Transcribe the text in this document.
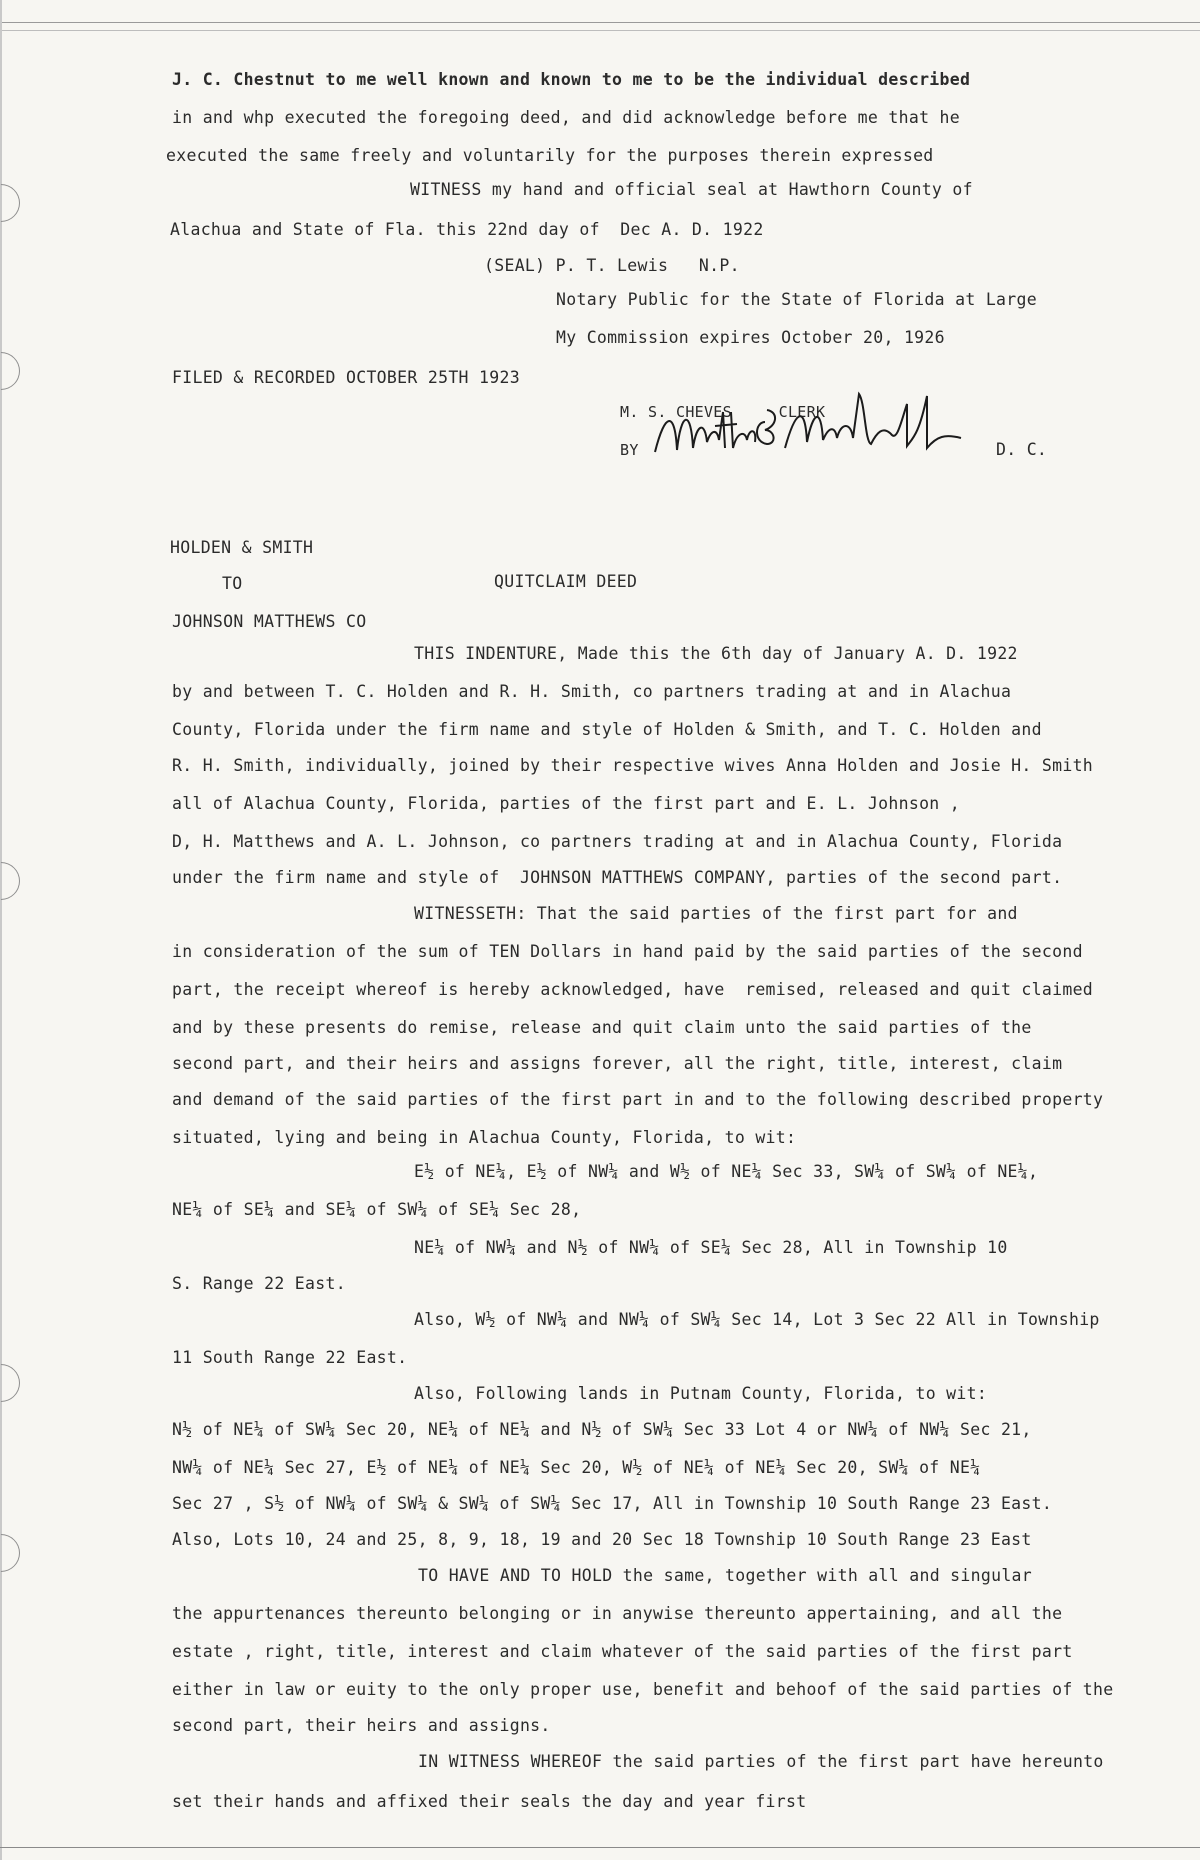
J. C. Chestnut to me well known and known to me to be the individual described
in and whp executed the foregoing deed, and did acknowledge before me that he
executed the same freely and voluntarily for the purposes therein expressed
WITNESS my hand and official seal at Hawthorn County of
Alachua and State of Fla. this 22nd day of  Dec A. D. 1922
(SEAL) P. T. Lewis   N.P.
Notary Public for the State of Florida at Large
My Commission expires October 20, 1926
FILED & RECORDED OCTOBER 25TH 1923
M. S. CHEVES     CLERK
BY	D. C.
HOLDEN & SMITH
TO	QUITCLAIM DEED
JOHNSON MATTHEWS CO
THIS INDENTURE, Made this the 6th day of January A. D. 1922
by and between T. C. Holden and R. H. Smith, co partners trading at and in Alachua
County, Florida under the firm name and style of Holden & Smith, and T. C. Holden and
R. H. Smith, individually, joined by their respective wives Anna Holden and Josie H. Smith
all of Alachua County, Florida, parties of the first part and E. L. Johnson ,
D, H. Matthews and A. L. Johnson, co partners trading at and in Alachua County, Florida
under the firm name and style of  JOHNSON MATTHEWS COMPANY, parties of the second part.
WITNESSETH: That the said parties of the first part for and
in consideration of the sum of TEN Dollars in hand paid by the said parties of the second
part, the receipt whereof is hereby acknowledged, have  remised, released and quit claimed
and by these presents do remise, release and quit claim unto the said parties of the
second part, and their heirs and assigns forever, all the right, title, interest, claim
and demand of the said parties of the first part in and to the following described property
situated, lying and being in Alachua County, Florida, to wit:
E½ of NE¼, E½ of NW¼ and W½ of NE¼ Sec 33, SW¼ of SW¼ of NE¼,
NE¼ of SE¼ and SE¼ of SW¼ of SE¼ Sec 28,
NE¼ of NW¼ and N½ of NW¼ of SE¼ Sec 28, All in Township 10
S. Range 22 East.
Also, W½ of NW¼ and NW¼ of SW¼ Sec 14, Lot 3 Sec 22 All in Township
11 South Range 22 East.
Also, Following lands in Putnam County, Florida, to wit:
N½ of NE¼ of SW¼ Sec 20, NE¼ of NE¼ and N½ of SW¼ Sec 33 Lot 4 or NW¼ of NW¼ Sec 21,
NW¼ of NE¼ Sec 27, E½ of NE¼ of NE¼ Sec 20, W½ of NE¼ of NE¼ Sec 20, SW¼ of NE¼
Sec 27 , S½ of NW¼ of SW¼ & SW¼ of SW¼ Sec 17, All in Township 10 South Range 23 East.
Also, Lots 10, 24 and 25, 8, 9, 18, 19 and 20 Sec 18 Township 10 South Range 23 East
TO HAVE AND TO HOLD the same, together with all and singular
the appurtenances thereunto belonging or in anywise thereunto appertaining, and all the
estate , right, title, interest and claim whatever of the said parties of the first part
either in law or euity to the only proper use, benefit and behoof of the said parties of the
second part, their heirs and assigns.
IN WITNESS WHEREOF the said parties of the first part have hereunto
set their hands and affixed their seals the day and year first
